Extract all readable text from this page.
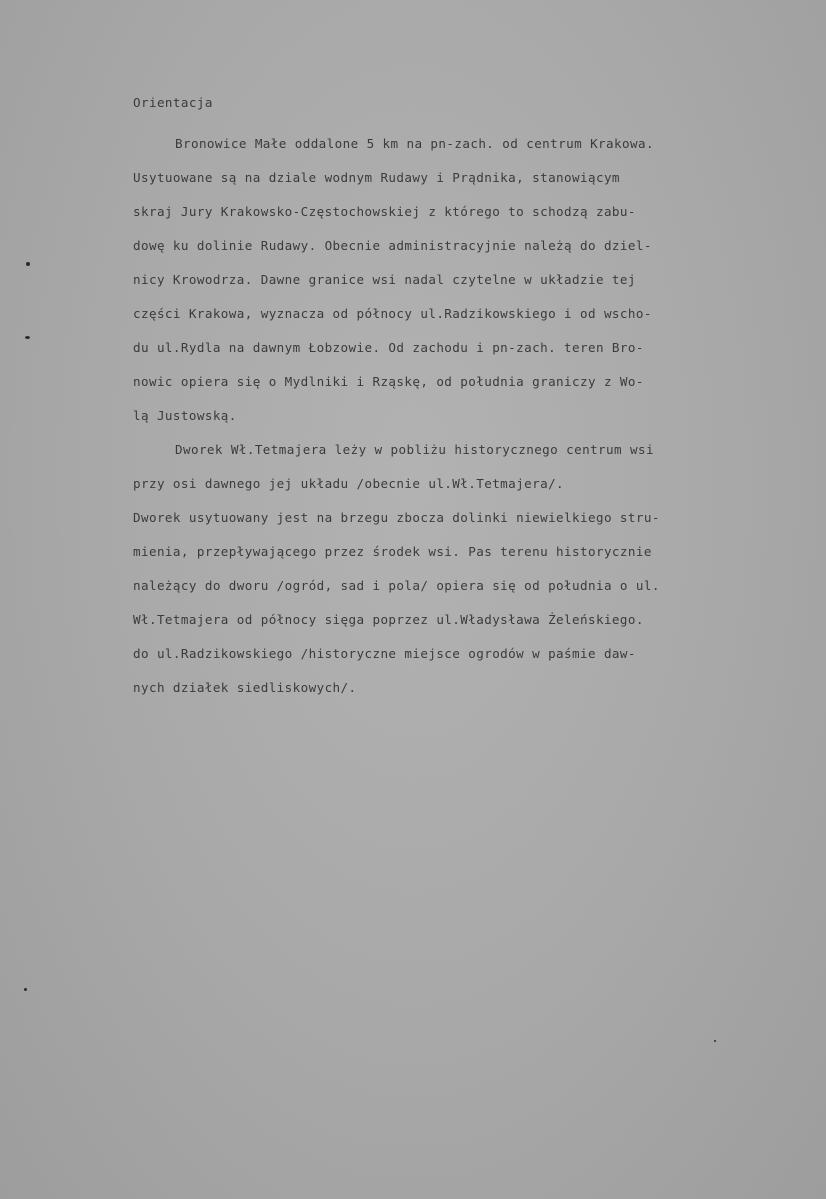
Orientacja
Bronowice Małe oddalone 5 km na pn-zach. od centrum Krakowa.
Usytuowane są na dziale wodnym Rudawy i Prądnika, stanowiącym
skraj Jury Krakowsko-Częstochowskiej z którego to schodzą zabu-
dowę ku dolinie Rudawy. Obecnie administracyjnie należą do dziel-
nicy Krowodrza. Dawne granice wsi nadal czytelne w układzie tej
części Krakowa, wyznacza od północy ul.Radzikowskiego i od wscho-
du ul.Rydla na dawnym Łobzowie. Od zachodu i pn-zach. teren Bro-
nowic opiera się o Mydlniki i Rząskę, od południa graniczy z Wo-
lą Justowską.
Dworek Wł.Tetmajera leży w pobliżu historycznego centrum wsi
przy osi dawnego jej układu /obecnie ul.Wł.Tetmajera/.
Dworek usytuowany jest na brzegu zbocza dolinki niewielkiego stru-
mienia, przepływającego przez środek wsi. Pas terenu historycznie
należący do dworu /ogród, sad i pola/ opiera się od południa o ul.
Wł.Tetmajera od północy sięga poprzez ul.Władysława Żeleńskiego.
do ul.Radzikowskiego /historyczne miejsce ogrodów w paśmie daw-
nych działek siedliskowych/.
